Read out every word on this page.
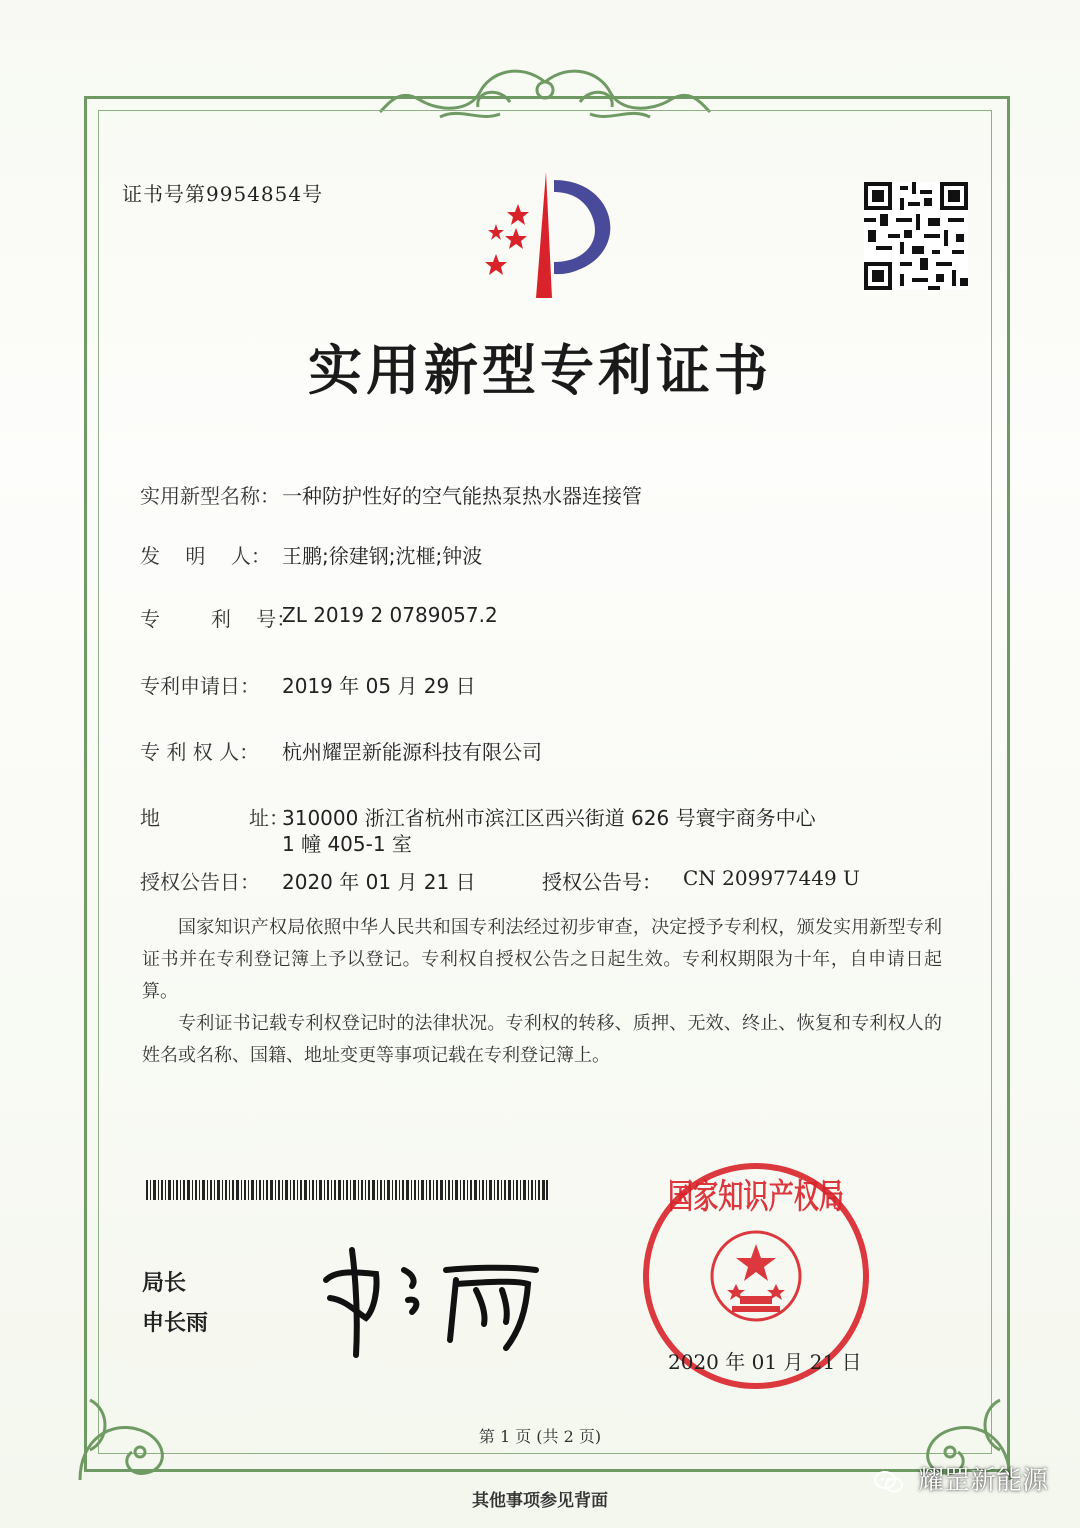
证书号第9954854号
实用新型专利证书
实用新型名称： 一种防护性好的空气能热泵热水器连接管
发    明    人： 王鹏;徐建钢;沈榧;钟波
专        利    号：
ZL 2019 2 0789057.2
专利申请日： 2019 年 05 月 29 日
专 利 权 人： 杭州耀罡新能源科技有限公司
地              址：
310000 浙江省杭州市滨江区西兴街道 626 号寰宇商务中心
1 幢 405-1 室
授权公告日： 2020 年 01 月 21 日	授权公告号： CN 209977449 U
国家知识产权局依照中华人民共和国专利法经过初步审查，决定授予专利权，颁发实用新型专利证书并在专利登记簿上予以登记。专利权自授权公告之日起生效。专利权期限为十年，自申请日起算。
专利证书记载专利权登记时的法律状况。专利权的转移、质押、无效、终止、恢复和专利权人的姓名或名称、国籍、地址变更等事项记载在专利登记簿上。
局长
申长雨
国家知识产权局
2020 年 01 月 21 日
第 1 页 (共 2 页)
其他事项参见背面
耀罡新能源
